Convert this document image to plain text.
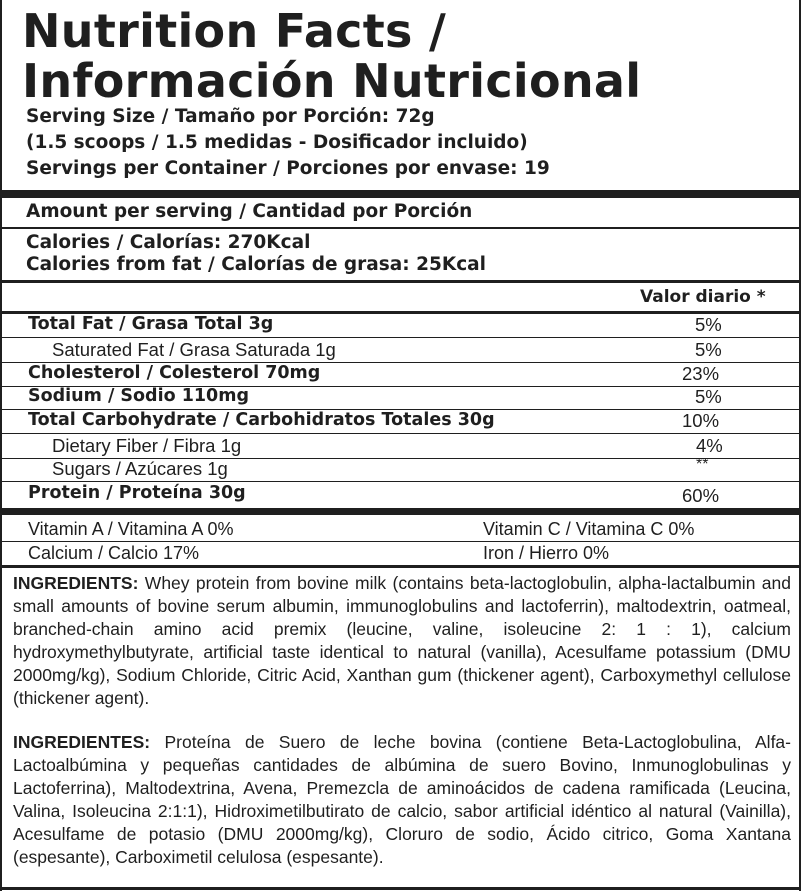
Nutrition Facts /
Información Nutricional
Serving Size / Tamaño por Porción: 72g
(1.5 scoops / 1.5 medidas - Dosificador incluido)
Servings per Container / Porciones por envase: 19
Amount per serving / Cantidad por Porción
Calories / Calorías: 270Kcal
Calories from fat / Calorías de grasa: 25Kcal
Valor diario *
Total Fat / Grasa Total 3g	5%
Saturated Fat / Grasa Saturada 1g	5%
Cholesterol / Colesterol 70mg	23%
Sodium / Sodio 110mg	5%
Total Carbohydrate / Carbohidratos Totales 30g	10%
Dietary Fiber / Fibra 1g	4%
Sugars / Azúcares 1g	**
Protein / Proteína 30g	60%
Vitamin A / Vitamina A 0%	Vitamin C / Vitamina C 0%
Calcium / Calcio 17%	Iron / Hierro 0%
INGREDIENTS: Whey protein from bovine milk (contains beta-lactoglobulin, alpha-lactalbumin and small amounts of bovine serum albumin, immunoglobulins and lactoferrin), maltodextrin, oatmeal, branched-chain amino acid premix (leucine, valine, isoleucine 2: 1 : 1), calcium hydroxymethylbutyrate, artificial taste identical to natural (vanilla), Acesulfame potassium (DMU 2000mg/kg), Sodium Chloride, Citric Acid, Xanthan gum (thickener agent), Carboxymethyl cellulose (thickener agent).
INGREDIENTES: Proteína de Suero de leche bovina (contiene Beta-Lactoglobulina, Alfa-Lactoalbúmina y pequeñas cantidades de albúmina de suero Bovino, Inmunoglobulinas y Lactoferrina), Maltodextrina, Avena, Premezcla de aminoácidos de cadena ramificada (Leucina, Valina, Isoleucina 2:1:1), Hidroximetilbutirato de calcio, sabor artificial idéntico al natural (Vainilla), Acesulfame de potasio (DMU 2000mg/kg), Cloruro de sodio, Ácido citrico, Goma Xantana (espesante), Carboximetil celulosa (espesante).
